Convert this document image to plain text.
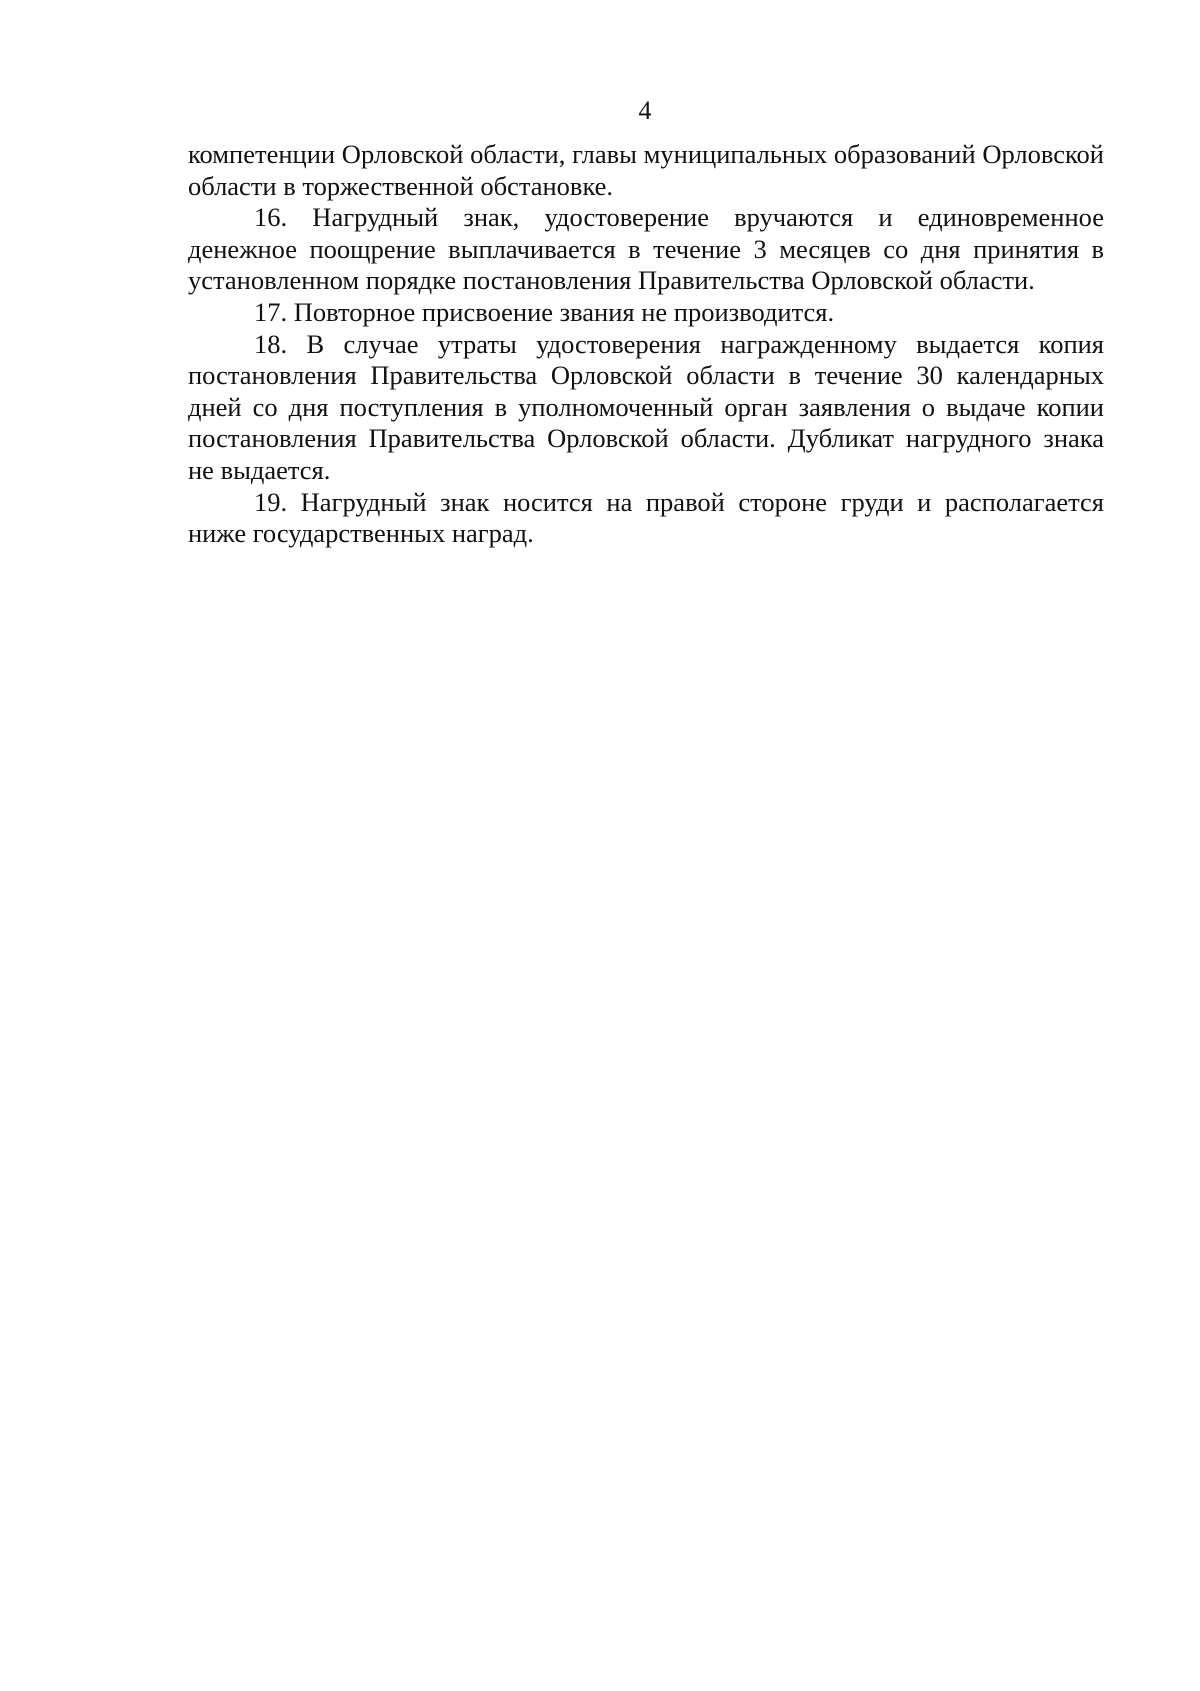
4

компетенции Орловской области, главы муниципальных образований Орловской области в торжественной обстановке.

16. Нагрудный знак, удостоверение вручаются и единовременное денежное поощрение выплачивается в течение 3 месяцев со дня принятия в установленном порядке постановления Правительства Орловской области.

17. Повторное присвоение звания не производится.

18. В случае утраты удостоверения награжденному выдается копия постановления Правительства Орловской области в течение 30 календарных дней со дня поступления в уполномоченный орган заявления о выдаче копии постановления Правительства Орловской области. Дубликат нагрудного знака не выдается.

19. Нагрудный знак носится на правой стороне груди и располагается ниже государственных наград.
